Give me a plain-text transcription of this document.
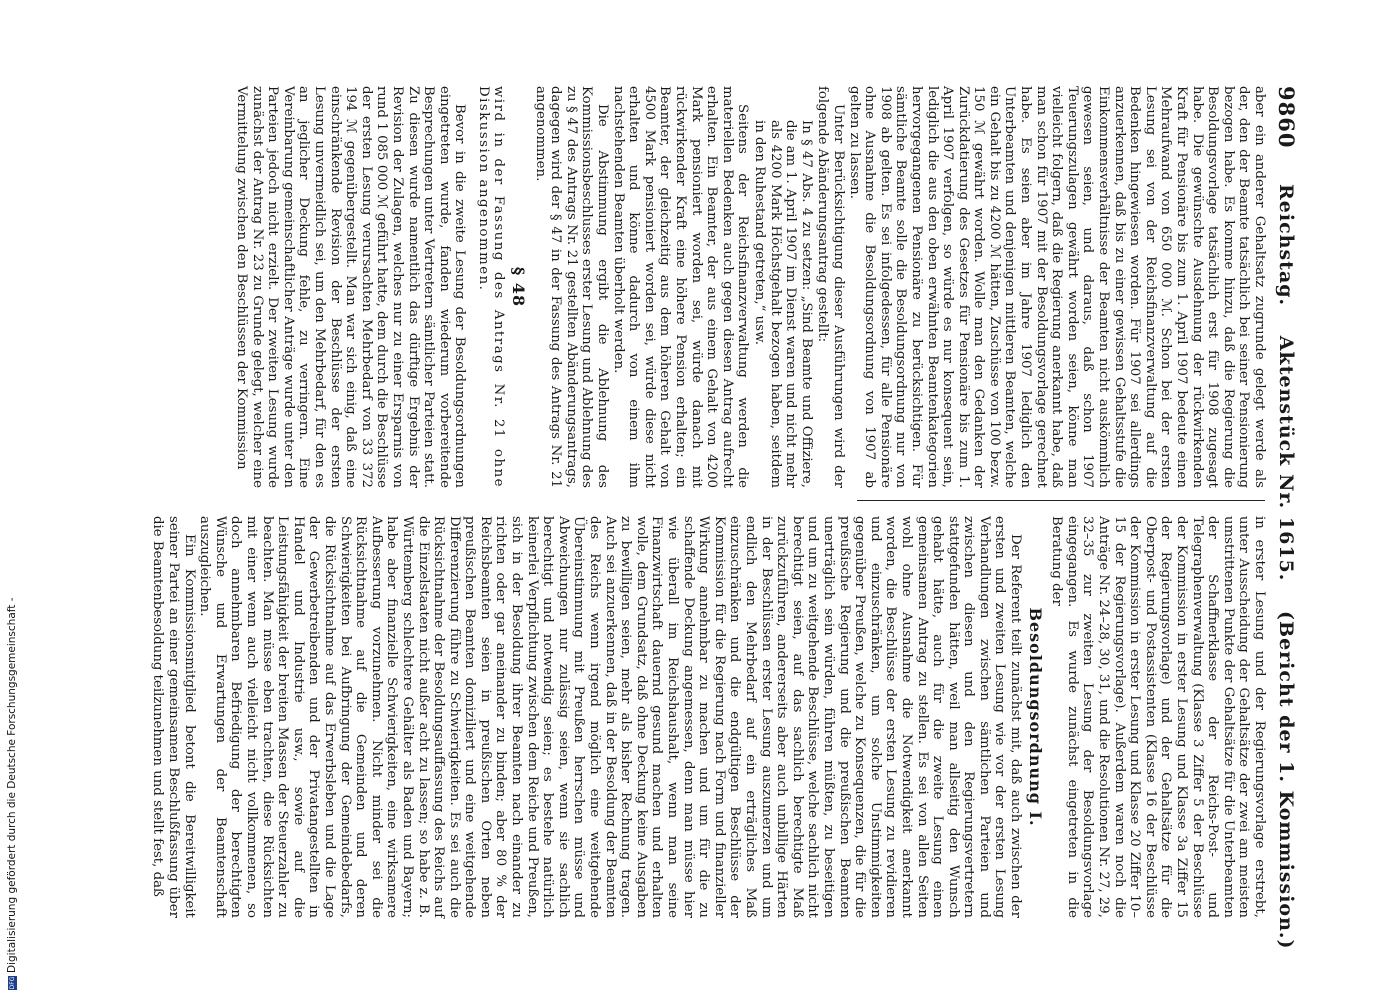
9860
Reichstag. Aktenstück Nr. 1615. (Bericht der 1. Kommission.)

aber ein anderer Gehaltsatz zugrunde gelegt werde als der, den der Beamte tatsächlich bei seiner Pensionierung bezogen habe. Es komme hinzu, daß die Regierung die Besoldungsvorlage tatsächlich erst für 1908 zugesagt habe. Die gewünschte Ausdehnung der rückwirkenden Kraft für Pensionäre bis zum 1. April 1907 bedeute einen Mehraufwand von 650 000 ℳ. Schon bei der ersten Lesung sei von der Reichsfinanzverwaltung auf die Bedenken hingewiesen worden. Für 1907 sei allerdings anzuerkennen, daß bis zu einer gewissen Gehaltsstufe die Einkommensverhältnisse der Beamten nicht auskömmlich gewesen seien, und daraus, daß schon 1907 Teuerungszulagen gewährt worden seien, könne man vielleicht folgern, daß die Regierung anerkannt habe, daß man schon für 1907 mit der Besoldungsvorlage gerechnet habe. Es seien aber im Jahre 1907 lediglich den Unterbeamten und denjenigen mittleren Beamten, welche ein Gehalt bis zu 4200 ℳ hätten, Zuschüsse von 100 bezw. 150 ℳ gewährt worden. Wolle man den Gedanken der Zurückdatierung des Gesetzes für Pensionäre bis zum 1. April 1907 verfolgen, so würde es nur konsequent sein, lediglich die aus den oben erwähnten Beamtenkategorien hervorgegangenen Pensionäre zu berücksichtigen. Für sämtliche Beamte solle die Besoldungsordnung nur von 1908 ab gelten. Es sei infolgedessen, für alle Pensionäre ohne Ausnahme die Besoldungsordnung von 1907 ab gelten zu lassen.

Unter Berücksichtigung dieser Ausführungen wird der folgende Abänderungsantrag gestellt:

In § 47 Abs. 4 zu setzen: „Sind Beamte und Offiziere, die am 1. April 1907 im Dienst waren und nicht mehr als 4200 Mark Höchstgehalt bezogen haben, seitdem in den Ruhestand getreten,“ usw.

Seitens der Reichsfinanzverwaltung werden die materiellen Bedenken auch gegen diesen Antrag aufrecht erhalten. Ein Beamter, der aus einem Gehalt von 4200 Mark pensioniert worden sei, würde danach mit rückwirkender Kraft eine höhere Pension erhalten; ein Beamter, der gleichzeitig aus dem höheren Gehalt von 4500 Mark pensioniert worden sei, würde diese nicht erhalten und könne dadurch von einem ihm nachstehenden Beamten überholt werden.

Die Abstimmung ergibt die Ablehnung des Kommissionsbeschlusses erster Lesung und Ablehnung des zu § 47 des Antrags Nr. 21 gestellten Abänderungsantrags, dagegen wird der § 47 in der Fassung des Antrags Nr. 21 angenommen.

§ 48

wird in der Fassung des Antrags Nr. 21 ohne Diskussion angenommen.

Bevor in die zweite Lesung der Besoldungsordnungen eingetreten wurde, fanden wiederum vorbereitende Besprechungen unter Vertretern sämtlicher Parteien statt. Zu diesen wurde namentlich das dürftige Ergebnis der Revision der Zulagen, welches nur zu einer Ersparnis von rund 1 085 000 ℳ geführt hatte, dem durch die Beschlüsse der ersten Lesung verursachten Mehrbedarf von 33 372 194 ℳ gegenübergestellt. Man war sich einig, daß eine einschränkende Revision der Beschlüsse der ersten Lesung unvermeidlich sei, um den Mehrbedarf, für den es an jeglicher Deckung fehle, zu verringern. Eine Vereinbarung gemeinschaftlicher Anträge wurde unter den Parteien jedoch nicht erzielt. Der zweiten Lesung wurde zunächst der Antrag Nr. 23 zu Grunde gelegt, welcher eine Vermittelung zwischen den Beschlüssen der Kommission

in erster Lesung und der Regierungsvorlage erstrebt, unter Ausscheidung der Gehaltsätze der zwei am meisten umstrittenen Punkte der Gehaltsätze für die Unterbeamten der Schaffnerklasse der Reichs-Post- und Telegraphenverwaltung (Klasse 3 Ziffer 5 der Beschlüsse der Kommission in erster Lesung und Klasse 3a Ziffer 15 der Regierungsvorlage) und der Gehaltsätze für die Oberpost- und Postassistenten (Klasse 16 der Beschlüsse der Kommission in erster Lesung und Klasse 20 Ziffer 10–15 der Regierungsvorlage). Außerdem waren noch die Anträge Nr. 24–28, 30, 31, und die Resolutionen Nr. 27, 29, 32–35 zur zweiten Lesung der Besoldungsvorlage eingegangen. Es wurde zunächst eingetreten in die Beratung der

Besoldungsordnung I.

Der Referent teilt zunächst mit, daß auch zwischen der ersten und zweiten Lesung wie vor der ersten Lesung Verhandlungen zwischen sämtlichen Parteien und zwischen diesen und den Regierungsvertretern stattgefunden hätten, weil man allseitig den Wunsch gehabt hätte, auch für die zweite Lesung einen gemeinsamen Antrag zu stellen. Es sei von allen Seiten wohl ohne Ausnahme die Notwendigkeit anerkannt worden, die Beschlüsse der ersten Lesung zu revidieren und einzuschränken, um solche Unstimmigkeiten gegenüber Preußen, welche zu Konsequenzen, die für die preußische Regierung und die preußischen Beamten unerträglich sein würden, führen müßten, zu beseitigen und um zu weitgehende Beschlüsse, welche sachlich nicht berechtigt seien, auf das sachlich berechtigte Maß zurückzuführen, andererseits aber auch unbillige Härten in der Beschlüssen erster Lesung auszumerzen und um endlich den Mehrbedarf auf ein erträgliches Maß einzuschränken und die endgültigen Beschlüsse der Kommission für die Regierung nach Form und finanzieller Wirkung annehmbar zu machen und um für die zu schaffende Deckung angemessen, denn man müsse hier wie überall im Reichshaushalt, wenn man seine Finanzwirtschaft dauernd gesund machen und erhalten wolle, dem Grundsatz, daß ohne Deckung keine Ausgaben zu bewilligen seien, mehr als bisher Rechnung tragen. Auch sei anzuerkennen, daß in der Besoldung der Beamten des Reichs wenn irgend möglich eine weitgehende Übereinstimmung mit Preußen herrschen müsse und Abweichungen nur zulässig seien, wenn sie sachlich berechtigt und notwendig seien; es bestehe natürlich keinerlei Verpflichtung zwischen dem Reiche und Preußen, sich in der Besoldung ihrer Beamten nach einander zu richten oder gar aneinander zu binden; aber 80 % der Reichsbeamten seien in preußischen Orten neben preußischen Beamten domiziliert und eine weitgehende Differenzierung führe zu Schwierigkeiten. Es sei auch die Rücksichtnahme der Besoldungsauffassung des Reichs auf die Einzelstaaten nicht außer acht zu lassen; so habe z. B. Württemberg schlechtere Gehälter als Baden und Bayern; habe aber finanzielle Schwierigkeiten, eine wirksamere Aufbesserung vorzunehmen. Nicht minder sei die Rücksichtnahme auf die Gemeinden und deren Schwierigkeiten bei Aufbringung der Gemeindebedarfs, die Rücksichtnahme auf das Erwerbsleben und die Lage der Gewerbetreibenden und der Privatangestellten in Handel und Industrie usw., sowie auf die Leistungsfähigkeit der breiten Massen der Steuerzahler zu beachten. Man müsse eben trachten, diese Rücksichten mit einer wenn auch vielleicht nicht vollkommenen, so doch annehmbaren Befriedigung der berechtigten Wünsche und Erwartungen der Beamtenschaft auszugleichen.

Ein Kommissionsmitglied betont die Bereitwilligkeit seiner Partei an einer gemeinsamen Beschlußfassung über die Beamtenbesoldung teilzunehmen und stellt fest, daß

DFGDigitalisierung gefördert durch die Deutsche Forschungsgemeinschaft -
